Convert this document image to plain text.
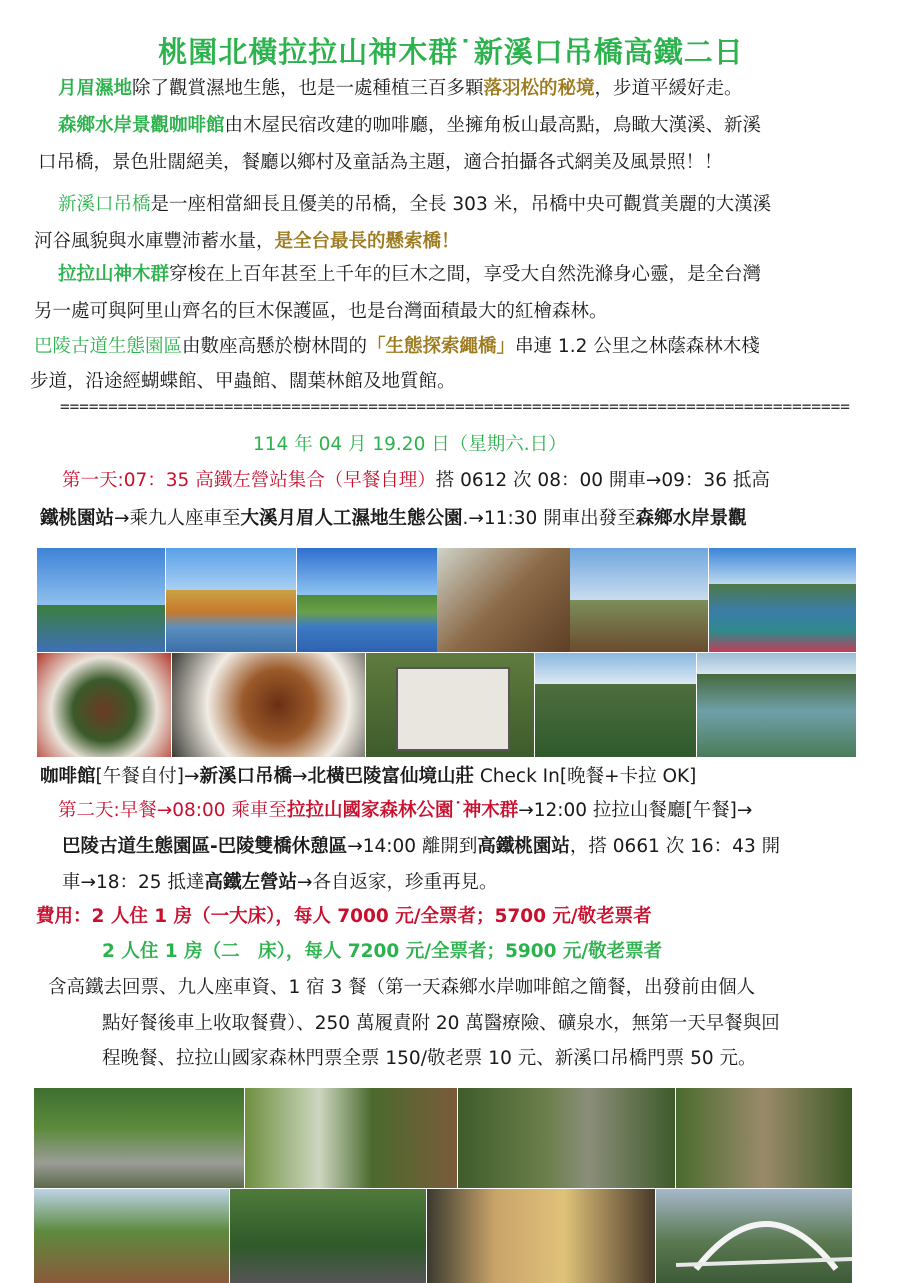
桃園北橫拉拉山神木群˙新溪口吊橋高鐵二日
月眉濕地除了觀賞濕地生態，也是一處種植三百多顆落羽松的秘境，步道平緩好走。
森鄉水岸景觀咖啡館由木屋民宿改建的咖啡廳，坐擁角板山最高點，鳥瞰大漢溪、新溪
口吊橋，景色壯闊絕美，餐廳以鄉村及童話為主題，適合拍攝各式網美及風景照！！
新溪口吊橋是一座相當細長且優美的吊橋，全長 303 米，吊橋中央可觀賞美麗的大漢溪
河谷風貌與水庫豐沛蓄水量，是全台最長的懸索橋！
拉拉山神木群穿梭在上百年甚至上千年的巨木之間，享受大自然洗滌身心靈，是全台灣
另一處可與阿里山齊名的巨木保護區，也是台灣面積最大的紅檜森林。
巴陵古道生態園區由數座高懸於樹林間的「生態探索繩橋」串連 1.2 公里之林蔭森林木棧
步道，沿途經蝴蝶館、甲蟲館、闊葉林館及地質館。
==================================================================================
114 年 04 月 19.20 日（星期六.日）
第一天:07：35 高鐵左營站集合（早餐自理）搭 0612 次 08：00 開車→09：36 抵高
鐵桃園站→乘九人座車至大溪月眉人工濕地生態公園.→11:30 開車出發至森鄉水岸景觀
咖啡館[午餐自付]→新溪口吊橋→北橫巴陵富仙境山莊 Check In[晚餐+卡拉 OK]
第二天:早餐→08:00 乘車至拉拉山國家森林公園˙神木群→12:00 拉拉山餐廳[午餐]→
巴陵古道生態園區-巴陵雙橋休憩區→14:00 離開到高鐵桃園站，搭 0661 次 16：43 開
車→18：25 抵達高鐵左營站→各自返家，珍重再見。
費用：2 人住 1 房（一大床），每人 7000 元/全票者；5700 元/敬老票者
2 人住 1 房（二　床），每人 7200 元/全票者；5900 元/敬老票者
含高鐵去回票、九人座車資、1 宿 3 餐（第一天森鄉水岸咖啡館之簡餐，出發前由個人
點好餐後車上收取餐費）、250 萬履責附 20 萬醫療險、礦泉水，無第一天早餐與回
程晚餐、拉拉山國家森林門票全票 150/敬老票 10 元、新溪口吊橋門票 50 元。
